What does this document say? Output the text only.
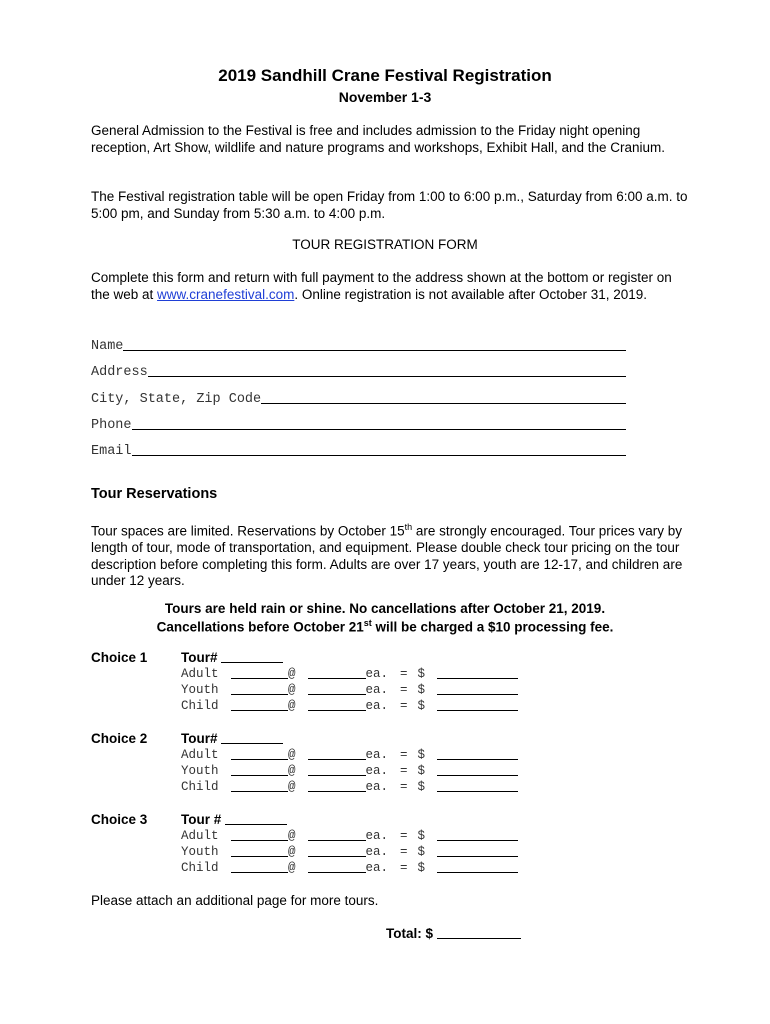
2019 Sandhill Crane Festival Registration
November 1-3
General Admission to the Festival is free and includes admission to the Friday night opening reception, Art Show, wildlife and nature programs and workshops, Exhibit Hall, and the Cranium.
The Festival registration table will be open Friday from 1:00 to 6:00 p.m., Saturday from 6:00 a.m. to 5:00 pm, and Sunday from 5:30 a.m. to 4:00 p.m.
TOUR REGISTRATION FORM
Complete this form and return with full payment to the address shown at the bottom or register on the web at www.cranefestival.com. Online registration is not available after October 31, 2019.
Name
Address
City, State, Zip Code
Phone
Email
Tour Reservations
Tour spaces are limited. Reservations by October 15th are strongly encouraged. Tour prices vary by length of tour, mode of transportation, and equipment. Please double check tour pricing on the tour description before completing this form. Adults are over 17 years, youth are 12-17, and children are under 12 years.
Tours are held rain or shine. No cancellations after October 21, 2019.
Cancellations before October 21st will be charged a $10 processing fee.
Choice 1 Tour#

Adult	@	ea. = $
Youth	@	ea. = $
Child	@	ea. = $
Choice 2 Tour#

Adult	@	ea. = $
Youth	@	ea. = $
Child	@	ea. = $
Choice 3 Tour #

Adult	@	ea. = $
Youth	@	ea. = $
Child	@	ea. = $
Please attach an additional page for more tours.
Total: $
